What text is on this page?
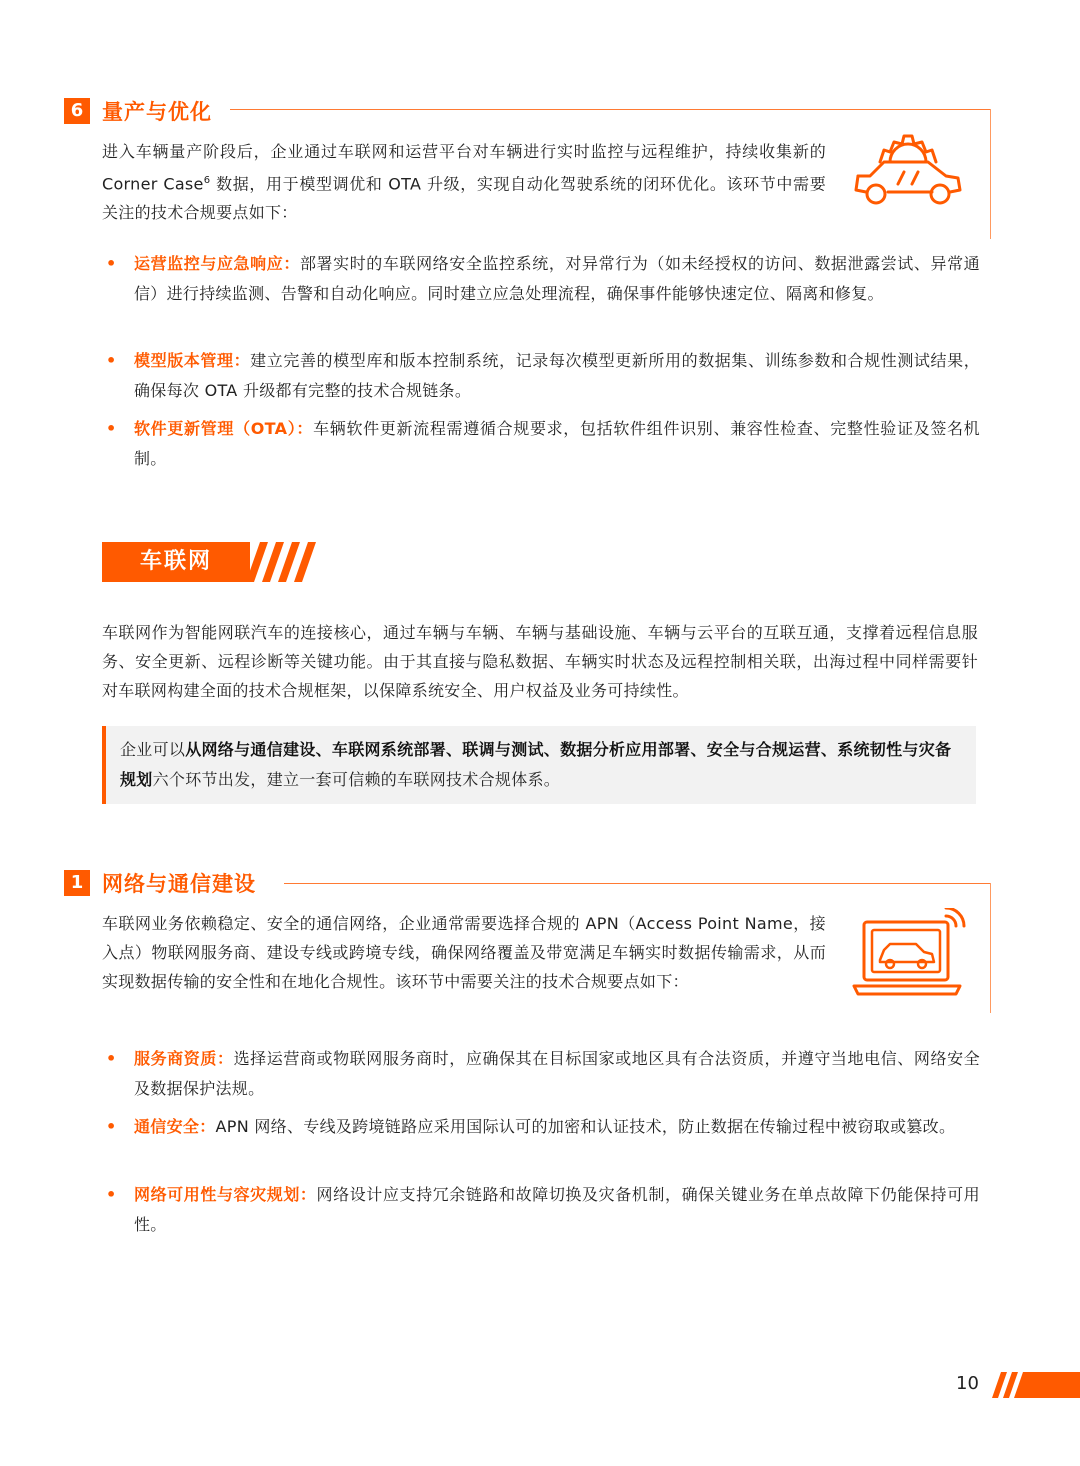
6 量产与优化
进入车辆量产阶段后，企业通过车联网和运营平台对车辆进行实时监控与远程维护，持续收集新的 Corner Case$^6$ 数据，用于模型调优和 OTA 升级，实现自动化驾驶系统的闭环优化。该环节中需要关注的技术合规要点如下：
• 运营监控与应急响应：部署实时的车联网络安全监控系统，对异常行为（如未经授权的访问、数据泄露尝试、异常通信）进行持续监测、告警和自动化响应。同时建立应急处理流程，确保事件能够快速定位、隔离和修复。
• 模型版本管理：建立完善的模型库和版本控制系统，记录每次模型更新所用的数据集、训练参数和合规性测试结果，确保每次 OTA 升级都有完整的技术合规链条。
• 软件更新管理（OTA）：车辆软件更新流程需遵循合规要求，包括软件组件识别、兼容性检查、完整性验证及签名机制。
车联网
车联网作为智能网联汽车的连接核心，通过车辆与车辆、车辆与基础设施、车辆与云平台的互联互通，支撑着远程信息服务、安全更新、远程诊断等关键功能。由于其直接与隐私数据、车辆实时状态及远程控制相关联，出海过程中同样需要针对车联网构建全面的技术合规框架，以保障系统安全、用户权益及业务可持续性。

企业可以从网络与通信建设、车联网系统部署、联调与测试、数据分析应用部署、安全与合规运营、系统韧性与灾备规划六个环节出发，建立一套可信赖的车联网技术合规体系。

1 网络与通信建设
车联网业务依赖稳定、安全的通信网络，企业通常需要选择合规的 APN（Access Point Name，接入点）物联网服务商、建设专线或跨境专线，确保网络覆盖及带宽满足车辆实时数据传输需求，从而实现数据传输的安全性和在地化合规性。该环节中需要关注的技术合规要点如下：
• 服务商资质：选择运营商或物联网服务商时，应确保其在目标国家或地区具有合法资质，并遵守当地电信、网络安全及数据保护法规。
• 通信安全：APN 网络、专线及跨境链路应采用国际认可的加密和认证技术，防止数据在传输过程中被窃取或篡改。
• 网络可用性与容灾规划：网络设计应支持冗余链路和故障切换及灾备机制，确保关键业务在单点故障下仍能保持可用性。
10
